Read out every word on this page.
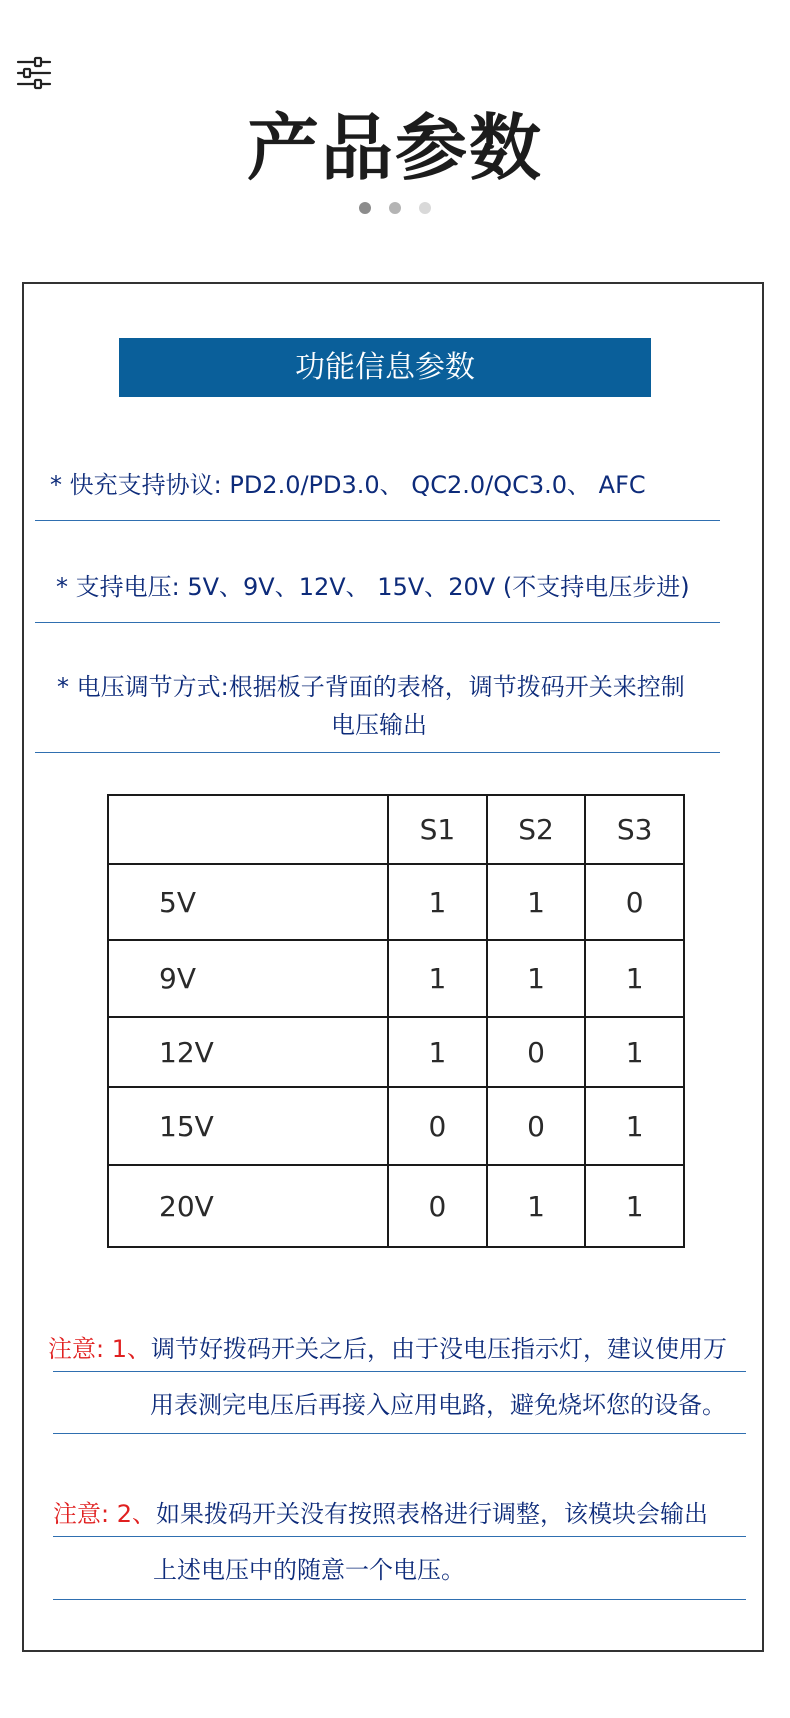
产品参数

功能信息参数
* 快充支持协议: PD2.0/PD3.0、 QC2.0/QC3.0、 AFC
* 支持电压: 5V、9V、12V、 15V、20V (不支持电压步进)
* 电压调节方式:根据板子背面的表格，调节拨码开关来控制
电压输出
	S1	S2	S3
5V	1	1	0
9V	1	1	1
12V	1	0	1
15V	0	0	1
20V	0	1	1
注意: 1、调节好拨码开关之后，由于没电压指示灯，建议使用万
用表测完电压后再接入应用电路，避免烧坏您的设备。
注意: 2、如果拨码开关没有按照表格进行调整，该模块会输出
上述电压中的随意一个电压。
